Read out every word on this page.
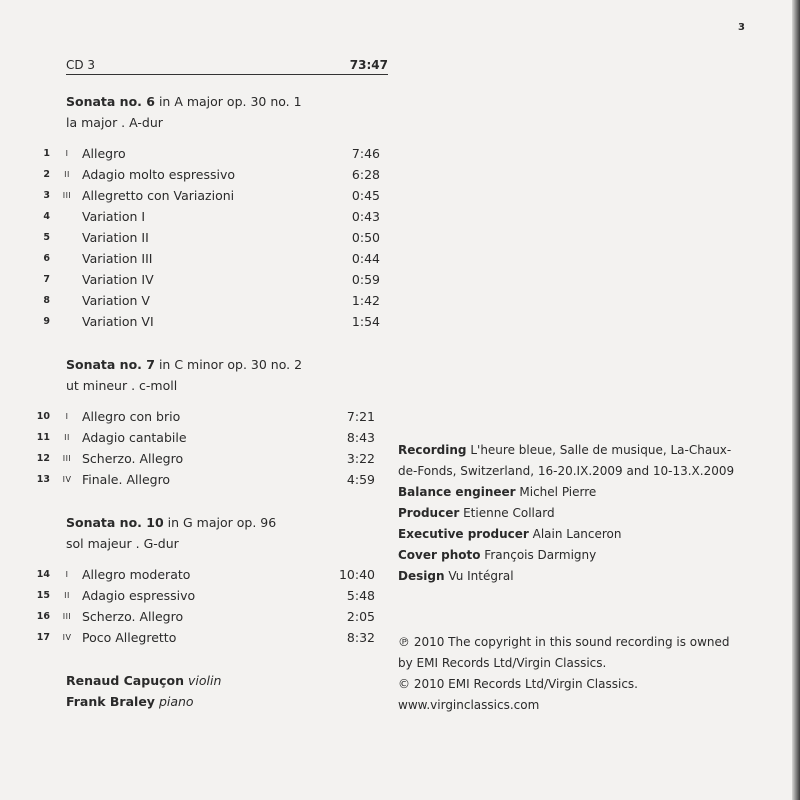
3
CD 3	73:47
Sonata no. 6 in A major op. 30 no. 1
la major . A-dur
1	I	Allegro	7:46
2	II Adagio molto espressivo	6:28
3	III Allegretto con Variazioni	0:45
4	Variation I	0:43
5	Variation II	0:50
6	Variation III	0:44
7	Variation IV	0:59
8	Variation V	1:42
9	Variation VI	1:54
Sonata no. 7 in C minor op. 30 no. 2
ut mineur . c-moll
10	I	Allegro con brio	7:21
11	II Adagio cantabile	8:43
12	III Scherzo. Allegro	3:22
13	IV Finale. Allegro	4:59
Sonata no. 10 in G major op. 96
sol majeur . G-dur
14	I	Allegro moderato	10:40
15	II Adagio espressivo	5:48
16	III Scherzo. Allegro	2:05
17	IV Poco Allegretto	8:32
Renaud Capuçon violin
Frank Braley piano
Recording L'heure bleue, Salle de musique, La-Chaux-de-Fonds, Switzerland, 16-20.IX.2009 and 10-13.X.2009
Balance engineer Michel Pierre
Producer Etienne Collard
Executive producer Alain Lanceron
Cover photo François Darmigny
Design Vu Intégral
℗ 2010 The copyright in this sound recording is owned by EMI Records Ltd/Virgin Classics.
© 2010 EMI Records Ltd/Virgin Classics.
www.virginclassics.com
